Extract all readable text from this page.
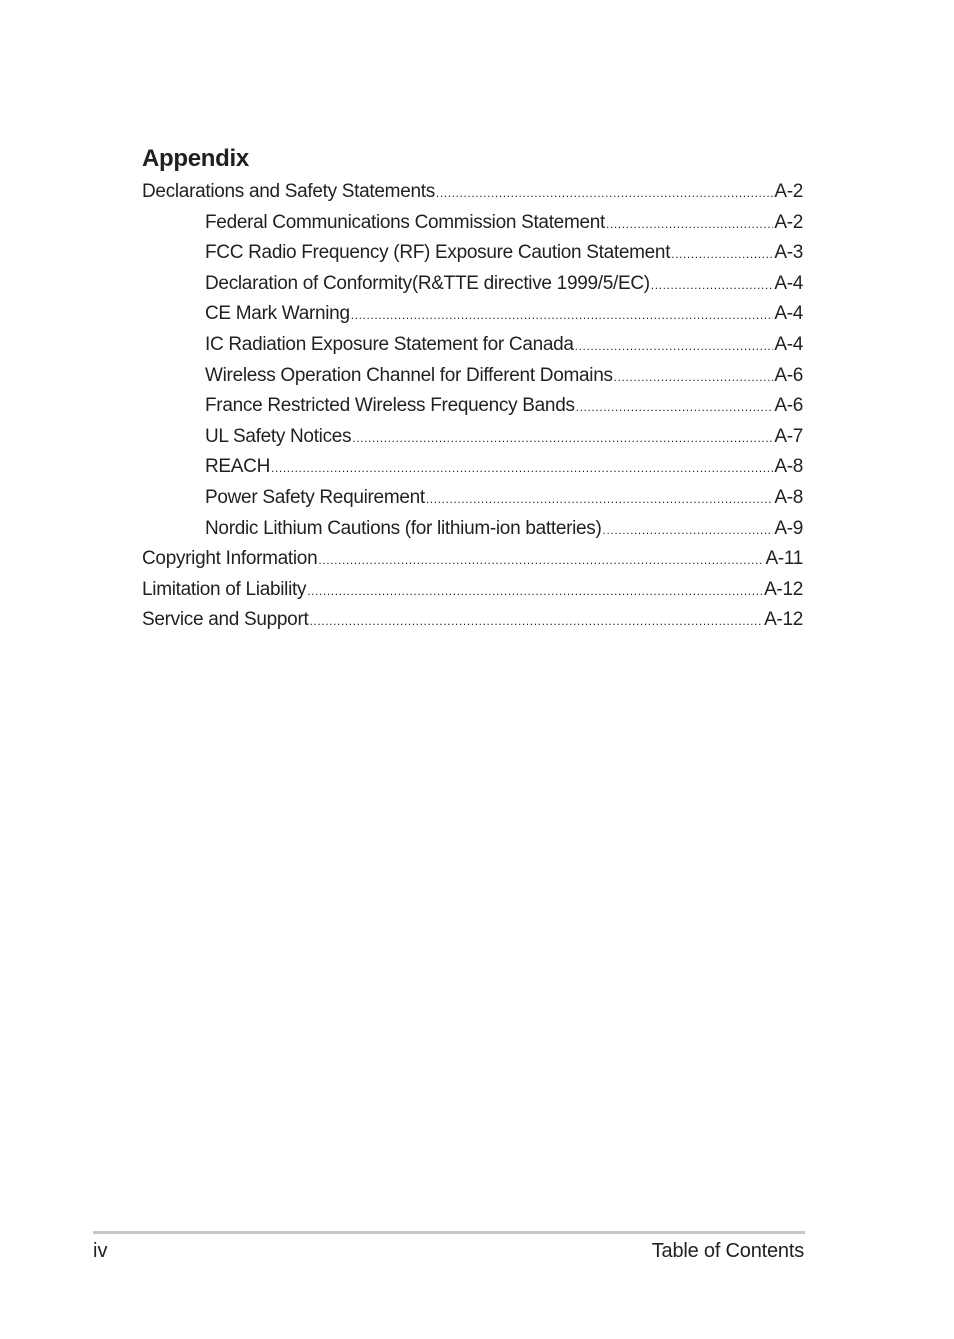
Appendix
Declarations and Safety Statements .....	A-2
Federal Communications Commission Statement .....	A-2
FCC Radio Frequency (RF) Exposure Caution Statement .....	A-3
Declaration of Conformity(R&TTE directive 1999/5/EC) .....	A-4
CE Mark Warning .....	A-4
IC Radiation Exposure Statement for Canada .....	A-4
Wireless Operation Channel for Different Domains .....	A-6
France Restricted Wireless Frequency Bands .....	A-6
UL Safety Notices .....	A-7
REACH .....	A-8
Power Safety Requirement .....	A-8
Nordic Lithium Cautions (for lithium-ion batteries) .....	A-9
Copyright Information .....	A-11
Limitation of Liability .....	A-12
Service and Support .....	A-12
iv	Table of Contents
